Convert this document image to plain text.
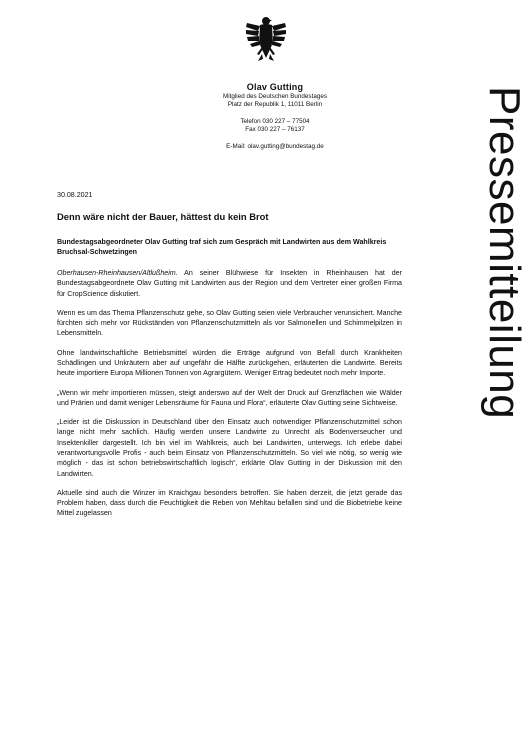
Olav Gutting
Mitglied des Deutschen Bundestages
Platz der Republik 1, 11011 Berlin
Telefon 030 227 – 77504
Fax 030 227 – 76137
E-Mail: olav.gutting@bundestag.de	Pressemitteilung
30.08.2021
Denn wäre nicht der Bauer, hättest du kein Brot
Bundestagsabgeordneter Olav Gutting traf sich zum Gespräch mit Landwirten aus dem Wahlkreis Bruchsal-Schwetzingen

Oberhausen-Rheinhausen/Altlußheim. An seiner Blühwiese für Insekten in Rheinhausen hat der Bundestagsabgeordnete Olav Gutting mit Landwirten aus der Region und dem Vertreter einer großen Firma für CropScience diskutiert.

Wenn es um das Thema Pflanzenschutz gehe, so Olav Gutting seien viele Verbraucher verunsichert. Manche fürchten sich mehr vor Rückständen von Pflanzenschutzmitteln als vor Salmonellen und Schimmelpilzen in Lebensmitteln.

Ohne landwirtschaftliche Betriebsmittel würden die Erträge aufgrund von Befall durch Krankheiten Schädlingen und Unkräutern aber auf ungefähr die Hälfte zurückgehen, erläuterten die Landwirte. Bereits heute importiere Europa Millionen Tonnen von Agrargütern. Weniger Ertrag bedeutet noch mehr Importe.

„Wenn wir mehr importieren müssen, steigt anderswo auf der Welt der Druck auf Grenzflächen wie Wälder und Prärien und damit weniger Lebensräume für Fauna und Flora“, erläuterte Olav Gutting seine Sichtweise.

„Leider ist die Diskussion in Deutschland über den Einsatz auch notwendiger Pflanzenschutzmittel schon lange nicht mehr sachlich. Häufig werden unsere Landwirte zu Unrecht als Bodenverseucher und Insektenkiller dargestellt. Ich bin viel im Wahlkreis, auch bei Landwirten, unterwegs. Ich erlebe dabei verantwortungsvolle Profis - auch beim Einsatz von Pflanzenschutzmitteln. So viel wie nötig, so wenig wie möglich - das ist schon betriebswirtschaftlich logisch“, erklärte Olav Gutting in der Diskussion mit den Landwirten.

Aktuelle sind auch die Winzer im Kraichgau besonders betroffen. Sie haben derzeit, die jetzt gerade das Problem haben, dass durch die Feuchtigkeit die Reben von Mehltau befallen sind und die Biobetriebe keine Mittel zugelassen
